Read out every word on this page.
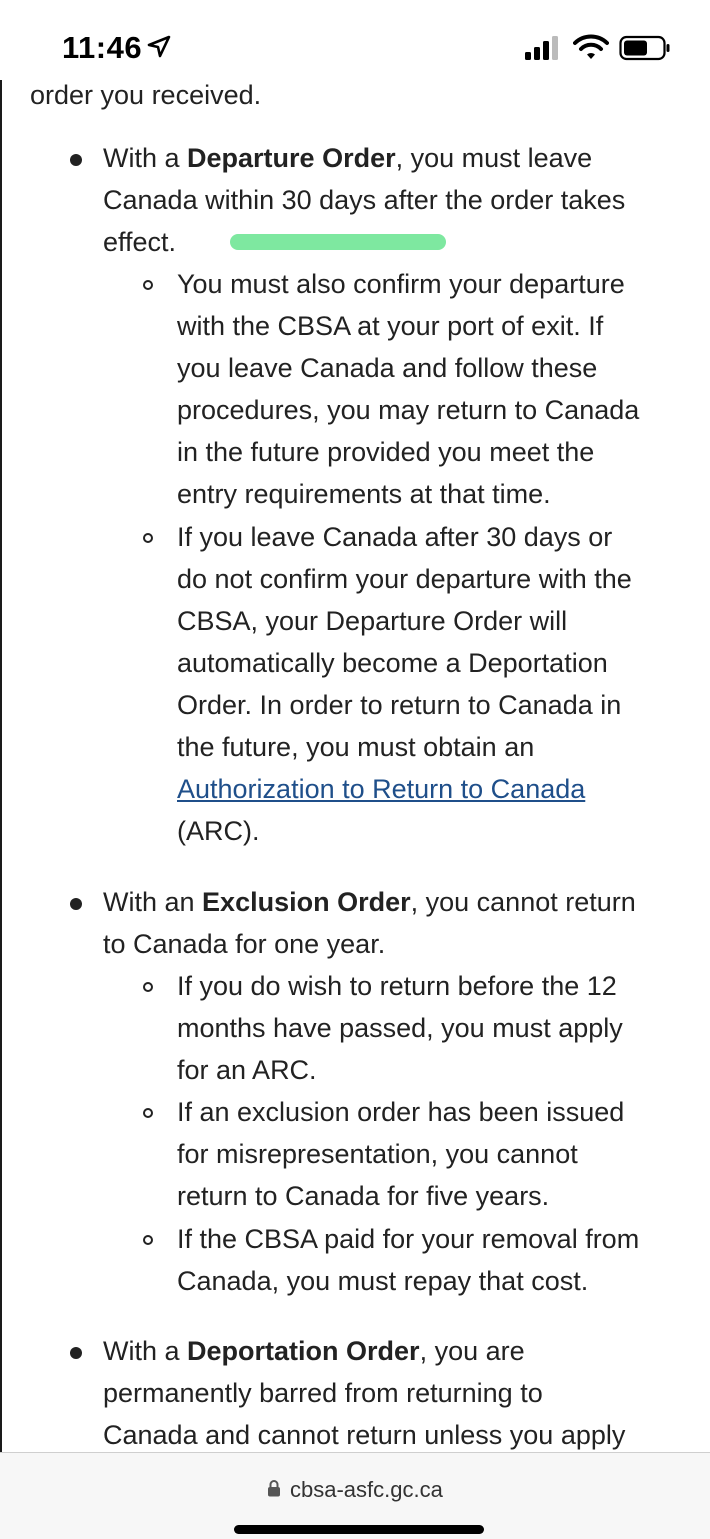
order you received.
With a Departure Order, you must leave
Canada within 30 days after the order takes
effect.
You must also confirm your departure
with the CBSA at your port of exit. If
you leave Canada and follow these
procedures, you may return to Canada
in the future provided you meet the
entry requirements at that time.
If you leave Canada after 30 days or
do not confirm your departure with the
CBSA, your Departure Order will
automatically become a Deportation
Order. In order to return to Canada in
the future, you must obtain an
Authorization to Return to Canada
(ARC).
With an Exclusion Order, you cannot return
to Canada for one year.
If you do wish to return before the 12
months have passed, you must apply
for an ARC.
If an exclusion order has been issued
for misrepresentation, you cannot
return to Canada for five years.
If the CBSA paid for your removal from
Canada, you must repay that cost.
With a Deportation Order, you are
permanently barred from returning to
Canada and cannot return unless you apply
11:46
cbsa-asfc.gc.ca
